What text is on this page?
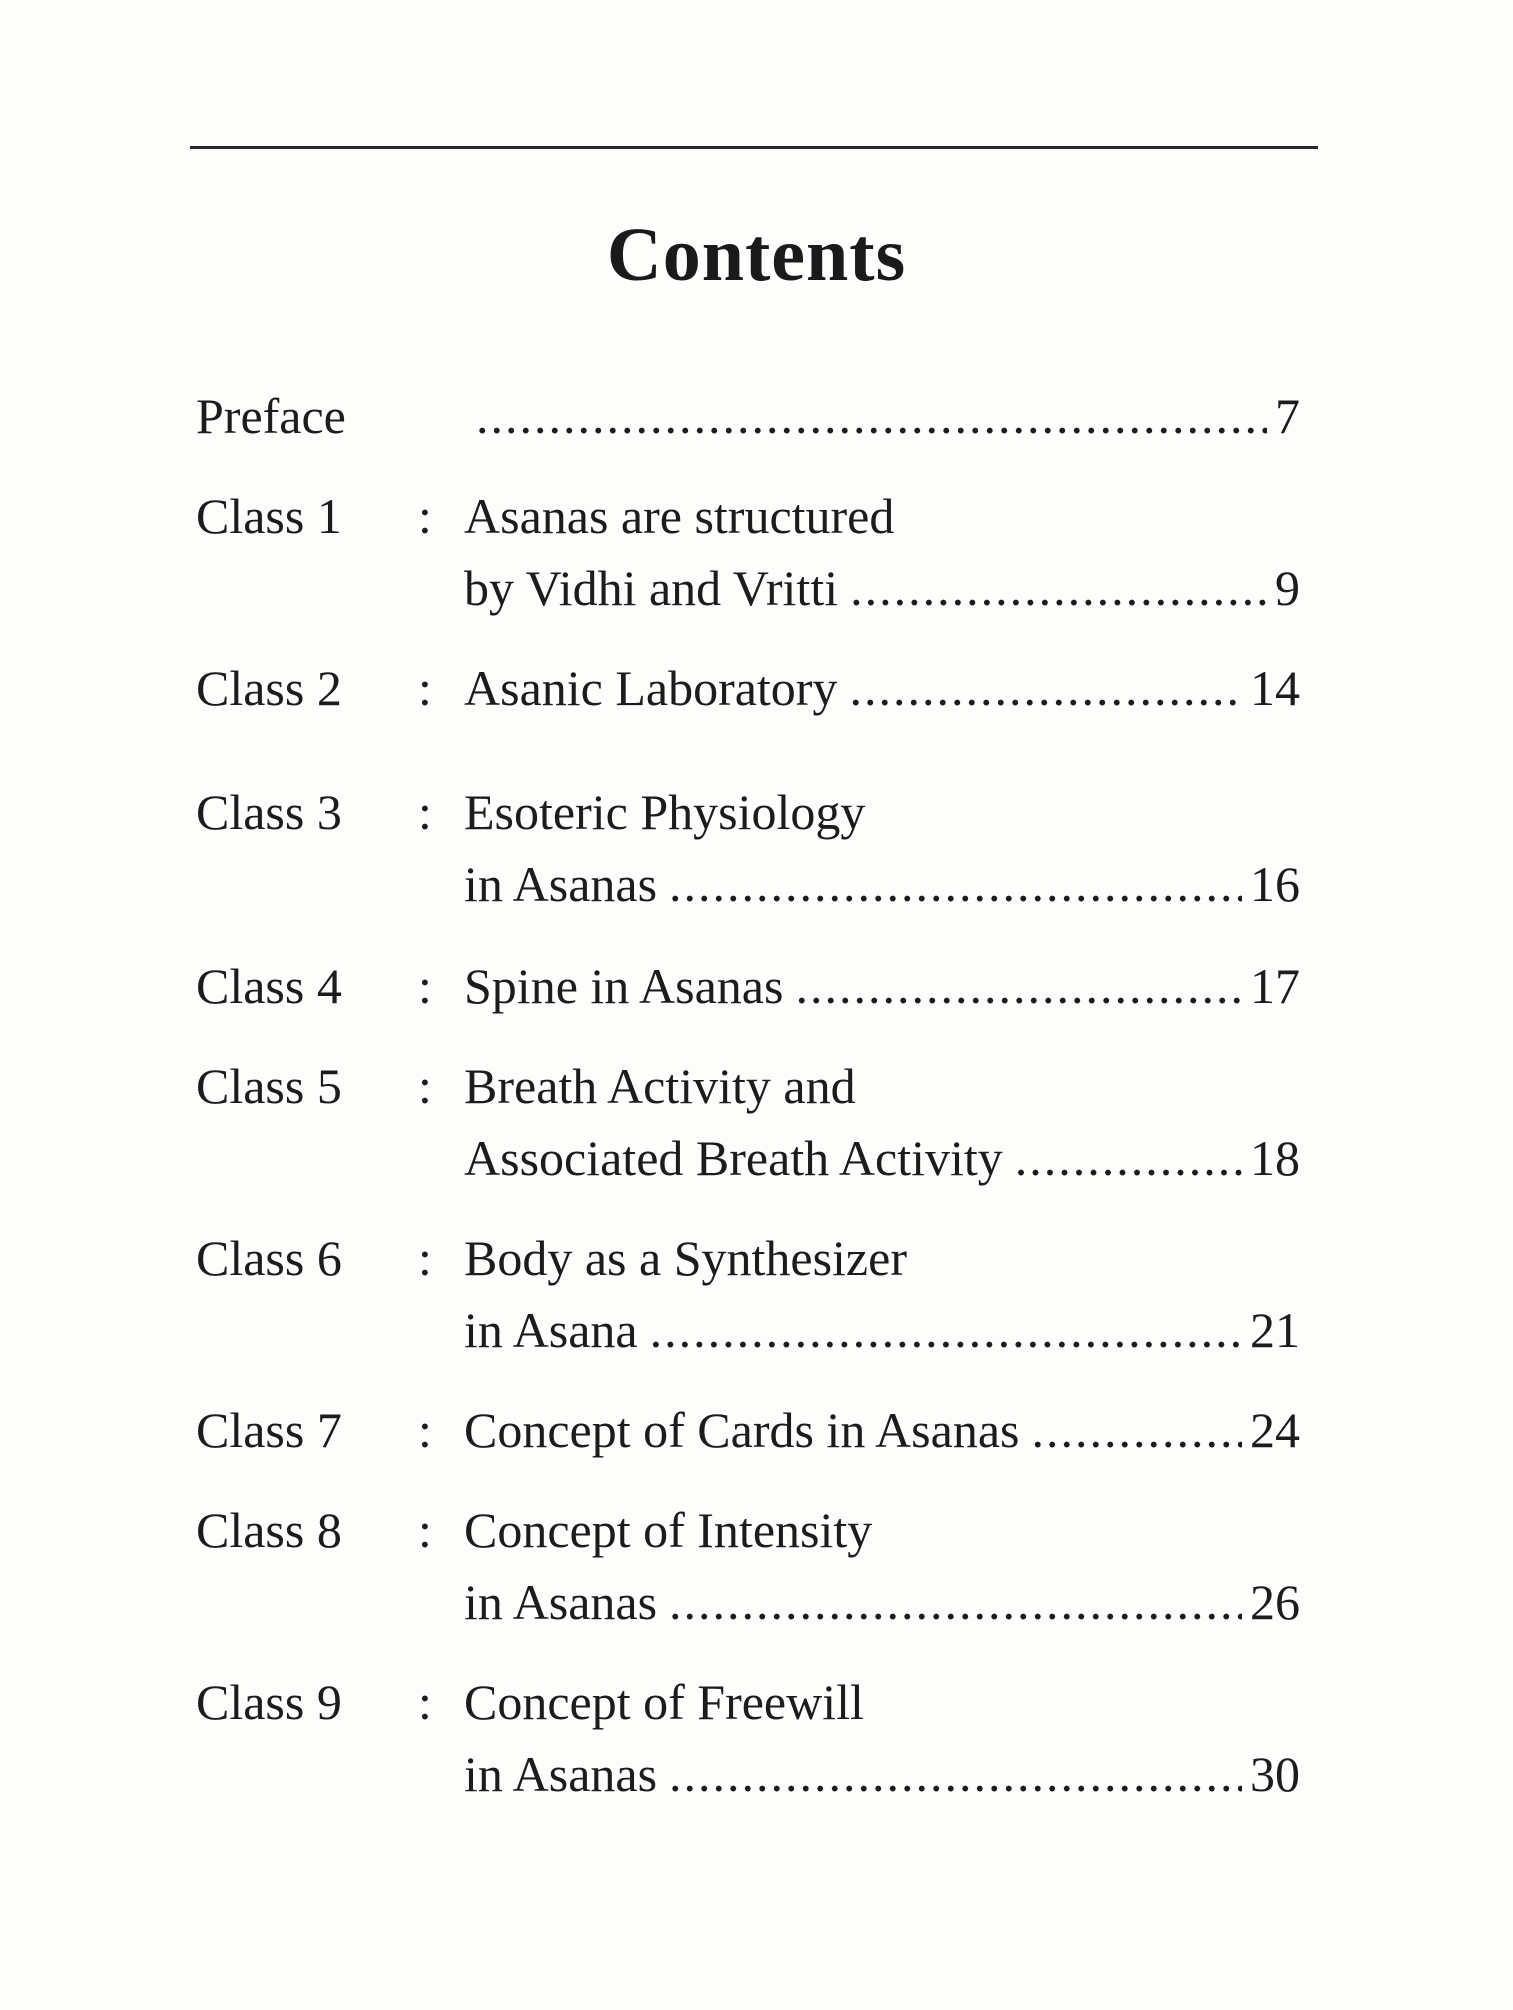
Contents
Preface .....	7
Class 1 : Asanas are structured
by Vidhi and Vritti .....	9
Class 2 : Asanic Laboratory .....	14
Class 3 : Esoteric Physiology
in Asanas .....	16
Class 4 : Spine in Asanas .....	17
Class 5 : Breath Activity and
Associated Breath Activity .....	18
Class 6 : Body as a Synthesizer
in Asana .....	21
Class 7 : Concept of Cards in Asanas .....	24
Class 8 : Concept of Intensity
in Asanas .....	26
Class 9 : Concept of Freewill
in Asanas .....	30
